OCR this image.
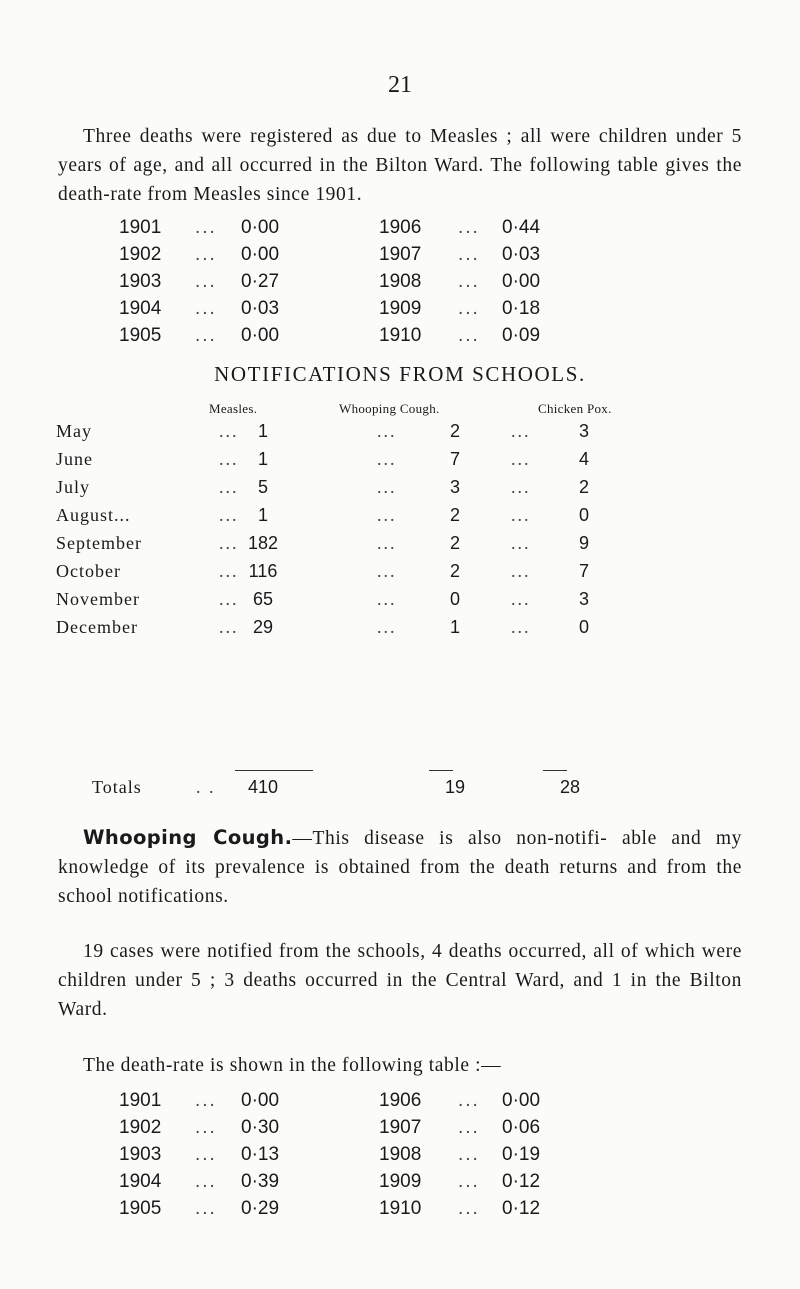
21

Three deaths were registered as due to Measles ; all were children under 5 years of age, and all occurred in the Bilton Ward. The following table gives the death-rate from Measles since 1901.

1901 ... 0·00	1906 ... 0·44
1902 ... 0·00	1907 ... 0·03
1903 ... 0·27	1908 ... 0·00
1904 ... 0·03	1909 ... 0·18
1905 ... 0·00	1910 ... 0·09
NOTIFICATIONS FROM SCHOOLS.
Measles.	Whooping Cough.	Chicken Pox.
May	...	1	...	2	...	3
June	...	1	...	7	...	4
July	...	5	...	3	...	2
August...	...	1	...	2	...	0
September	... 182	...	2	...	9
October	... 116	...	2	...	7
November	... 65	...	0	...	3
December	... 29	...	1	...	0
Totals	. .	410	19	28

Whooping Cough.—This disease is also non-notifi- able and my knowledge of its prevalence is obtained from the death returns and from the school notifications.

19 cases were notified from the schools, 4 deaths occurred, all of which were children under 5 ; 3 deaths occurred in the Central Ward, and 1 in the Bilton Ward.

The death-rate is shown in the following table :—

1901 ... 0·00	1906 ... 0·00
1902 ... 0·30	1907 ... 0·06
1903 ... 0·13	1908 ... 0·19
1904 ... 0·39	1909 ... 0·12
1905 ... 0·29	1910 ... 0·12
